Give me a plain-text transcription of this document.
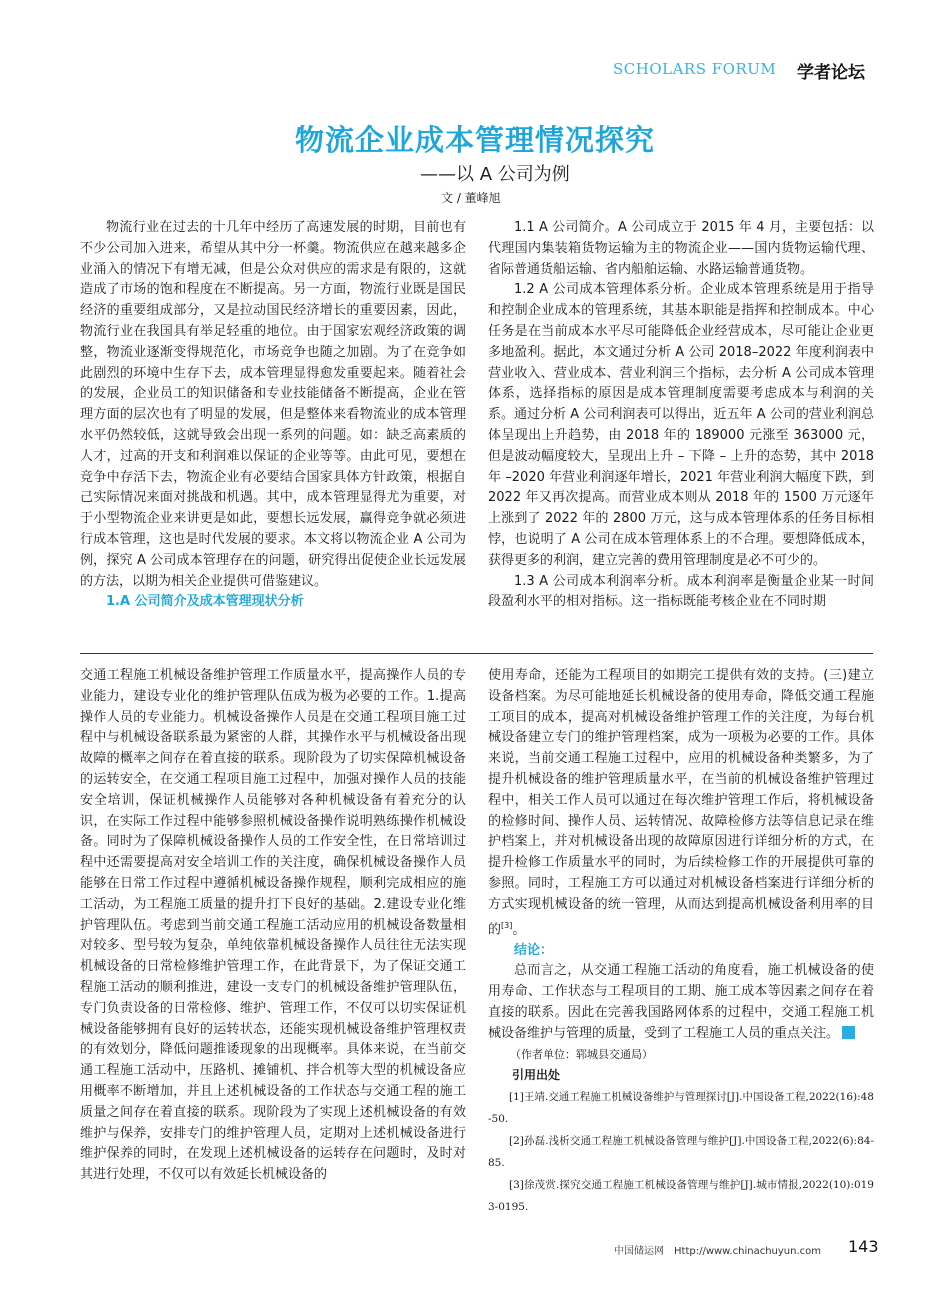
SCHOLARS FORUM	学者论坛
物流企业成本管理情况探究
——以 A 公司为例
文 / 董峰旭

物流行业在过去的十几年中经历了高速发展的时期，目前也有不少公司加入进来，希望从其中分一杯羹。物流供应在越来越多企业涌入的情况下有增无减，但是公众对供应的需求是有限的，这就造成了市场的饱和程度在不断提高。另一方面，物流行业既是国民经济的重要组成部分，又是拉动国民经济增长的重要因素，因此，物流行业在我国具有举足轻重的地位。由于国家宏观经济政策的调整，物流业逐渐变得规范化，市场竞争也随之加剧。为了在竞争如此剧烈的环境中生存下去，成本管理显得愈发重要起来。随着社会的发展，企业员工的知识储备和专业技能储备不断提高，企业在管理方面的层次也有了明显的发展，但是整体来看物流业的成本管理水平仍然较低，这就导致会出现一系列的问题。如：缺乏高素质的人才，过高的开支和利润难以保证的企业等等。由此可见，要想在竞争中存活下去，物流企业有必要结合国家具体方针政策，根据自己实际情况来面对挑战和机遇。其中，成本管理显得尤为重要，对于小型物流企业来讲更是如此，要想长远发展，赢得竞争就必须进行成本管理，这也是时代发展的要求。本文将以物流企业 A 公司为例，探究 A 公司成本管理存在的问题，研究得出促使企业长远发展的方法，以期为相关企业提供可借鉴建议。

1.A 公司简介及成本管理现状分析

1.1 A 公司简介。A 公司成立于 2015 年 4 月，主要包括：以代理国内集装箱货物运输为主的物流企业——国内货物运输代理、省际普通货船运输、省内船舶运输、水路运输普通货物。

1.2 A 公司成本管理体系分析。企业成本管理系统是用于指导和控制企业成本的管理系统，其基本职能是指挥和控制成本。中心任务是在当前成本水平尽可能降低企业经营成本，尽可能让企业更多地盈利。据此，本文通过分析 A 公司 2018–2022 年度利润表中营业收入、营业成本、营业利润三个指标，去分析 A 公司成本管理体系，选择指标的原因是成本管理制度需要考虑成本与利润的关系。通过分析 A 公司利润表可以得出，近五年 A 公司的营业利润总体呈现出上升趋势，由 2018 年的 189000 元涨至 363000 元，但是波动幅度较大，呈现出上升 – 下降 – 上升的态势，其中 2018 年 –2020 年营业利润逐年增长，2021 年营业利润大幅度下跌，到 2022 年又再次提高。而营业成本则从 2018 年的 1500 万元逐年上涨到了 2022 年的 2800 万元，这与成本管理体系的任务目标相悖，也说明了 A 公司在成本管理体系上的不合理。要想降低成本，获得更多的利润，建立完善的费用管理制度是必不可少的。

1.3 A 公司成本利润率分析。成本利润率是衡量企业某一时间段盈利水平的相对指标。这一指标既能考核企业在不同时期

交通工程施工机械设备维护管理工作质量水平，提高操作人员的专业能力，建设专业化的维护管理队伍成为极为必要的工作。1.提高操作人员的专业能力。机械设备操作人员是在交通工程项目施工过程中与机械设备联系最为紧密的人群，其操作水平与机械设备出现故障的概率之间存在着直接的联系。现阶段为了切实保障机械设备的运转安全，在交通工程项目施工过程中，加强对操作人员的技能安全培训，保证机械操作人员能够对各种机械设备有着充分的认识，在实际工作过程中能够参照机械设备操作说明熟练操作机械设备。同时为了保障机械设备操作人员的工作安全性，在日常培训过程中还需要提高对安全培训工作的关注度，确保机械设备操作人员能够在日常工作过程中遵循机械设备操作规程，顺利完成相应的施工活动，为工程施工质量的提升打下良好的基础。2.建设专业化维护管理队伍。考虑到当前交通工程施工活动应用的机械设备数量相对较多、型号较为复杂，单纯依靠机械设备操作人员往往无法实现机械设备的日常检修维护管理工作，在此背景下，为了保证交通工程施工活动的顺利推进，建设一支专门的机械设备维护管理队伍，专门负责设备的日常检修、维护、管理工作，不仅可以切实保证机械设备能够拥有良好的运转状态，还能实现机械设备维护管理权责的有效划分，降低问题推诿现象的出现概率。具体来说，在当前交通工程施工活动中，压路机、摊铺机、拌合机等大型的机械设备应用概率不断增加，并且上述机械设备的工作状态与交通工程的施工质量之间存在着直接的联系。现阶段为了实现上述机械设备的有效维护与保养，安排专门的维护管理人员，定期对上述机械设备进行维护保养的同时，在发现上述机械设备的运转存在问题时，及时对其进行处理，不仅可以有效延长机械设备的

使用寿命，还能为工程项目的如期完工提供有效的支持。(三)建立设备档案。为尽可能地延长机械设备的使用寿命，降低交通工程施工项目的成本，提高对机械设备维护管理工作的关注度，为每台机械设备建立专门的维护管理档案，成为一项极为必要的工作。具体来说，当前交通工程施工过程中，应用的机械设备种类繁多，为了提升机械设备的维护管理质量水平，在当前的机械设备维护管理过程中，相关工作人员可以通过在每次维护管理工作后，将机械设备的检修时间、操作人员、运转情况、故障检修方法等信息记录在维护档案上，并对机械设备出现的故障原因进行详细分析的方式，在提升检修工作质量水平的同时，为后续检修工作的开展提供可靠的参照。同时，工程施工方可以通过对机械设备档案进行详细分析的方式实现机械设备的统一管理，从而达到提高机械设备利用率的目的[3]。

结论：

总而言之，从交通工程施工活动的角度看，施工机械设备的使用寿命、工作状态与工程项目的工期、施工成本等因素之间存在着直接的联系。因此在完善我国路网体系的过程中，交通工程施工机械设备维护与管理的质量，受到了工程施工人员的重点关注。

（作者单位：郓城县交通局）

引用出处

[1]王靖.交通工程施工机械设备维护与管理探讨[J].中国设备工程,2022(16):48-50.

[2]孙磊.浅析交通工程施工机械设备管理与维护[J].中国设备工程,2022(6):84-85.

[3]徐茂赏.探究交通工程施工机械设备管理与维护[J].城市情报,2022(10):0193-0195.

中国储运网　Http://www.chinachuyun.com 143
